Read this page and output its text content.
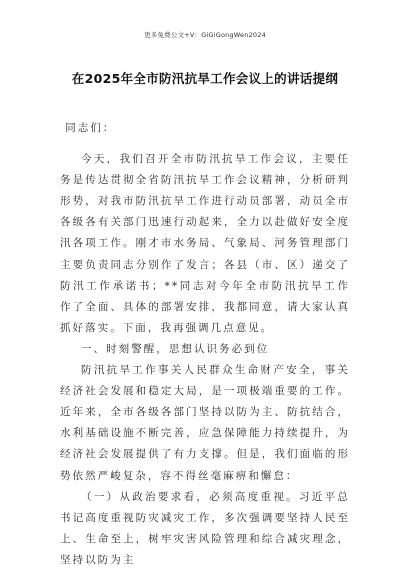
更多免费公文+V：GiGiGongWen2024
在2025年全市防汛抗旱工作会议上的讲话提纲

同志们：

今天，我们召开全市防汛抗旱工作会议，主要任务是传达贯彻全省防汛抗旱工作会议精神，分析研判形势，对我市防汛抗旱工作进行动员部署，动员全市各级各有关部门迅速行动起来，全力以赴做好安全度汛各项工作。刚才市水务局、气象局、河务管理部门主要负责同志分别作了发言；各县（市、区）递交了防汛工作承诺书；**同志对今年全市防汛抗旱工作作了全面、具体的部署安排，我都同意，请大家认真抓好落实。下面，我再强调几点意见。

一、时刻警醒，思想认识务必到位

防汛抗旱工作事关人民群众生命财产安全，事关经济社会发展和稳定大局，是一项极端重要的工作。近年来，全市各级各部门坚持以防为主、防抗结合，水利基础设施不断完善，应急保障能力持续提升，为经济社会发展提供了有力支撑。但是，我们面临的形势依然严峻复杂，容不得丝毫麻痹和懈怠：

（一）从政治要求看，必须高度重视。习近平总书记高度重视防灾减灾工作，多次强调要坚持人民至上、生命至上，树牢灾害风险管理和综合减灾理念，坚持以防为主
